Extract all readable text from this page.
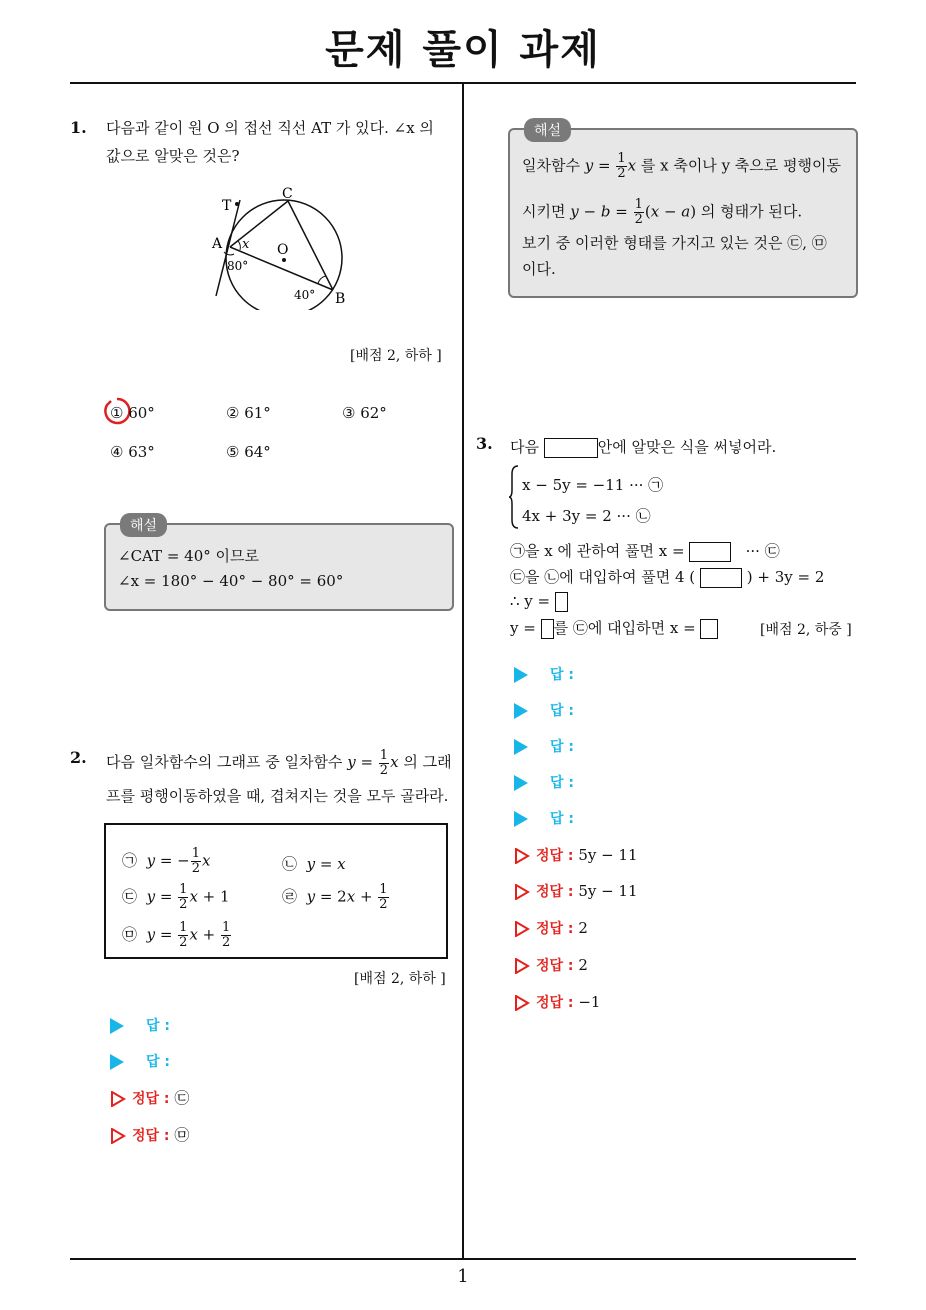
문제 풀이 과제
1
1. 다음과 같이 원 O 의 접선 직선 AT 가 있다. ∠x 의
값으로 알맞은 것은?
T
C
A x O
80°
40° B
[배점 2, 하하 ]
① 60°	② 61°	③ 62°
④ 63°	⑤ 64°
해설
∠CAT = 40° 이므로
∠x = 180° − 40° − 80° = 60°
2. 다음 일차함수의 그래프 중 일차함수 $y = \frac{1}{2}$ x 의 그래
프를 평행이동하였을 때, 겹쳐지는 것을 모두 골라라.
㉠ y = − $\frac{1}{2}$ x	㉡ y = x
㉢ $y = \frac{1}{2}$ x + 1	㉣ $y = 2x + \frac{1}{2}$
㉤ $y = \frac{1}{2}$ $x + \frac{1}{2}$
[배점 2, 하하 ]
답 :
답 :
정답 : ㉢
정답 : ㉤
해설
일차함수 $y = \frac{1}{2}$ x 를 x 축이나 y 축으로 평행이동
시키면 $y - b = \frac{1}{2} (x - a)$ 의 형태가 된다.
보기 중 이러한 형태를 가지고 있는 것은 ㉢, ㉤
이다.
3. 다음	안에 알맞은 식을 써넣어라.
x − 5y = −11 ··· ㉠
4x + 3y = 2 ··· ㉡
㉠을 x 에 관하여 풀면 x =	··· ㉢
㉢을 ㉡에 대입하여 풀면 4 (	) + 3y = 2
∴ y =
y = 를 ㉢에 대입하면 x =	[배점 2, 하중 ]
답 :
답 :
답 :
답 :
답 :
정답 : 5y − 11
정답 : 5y − 11
정답 : 2
정답 : 2
정답 : −1
